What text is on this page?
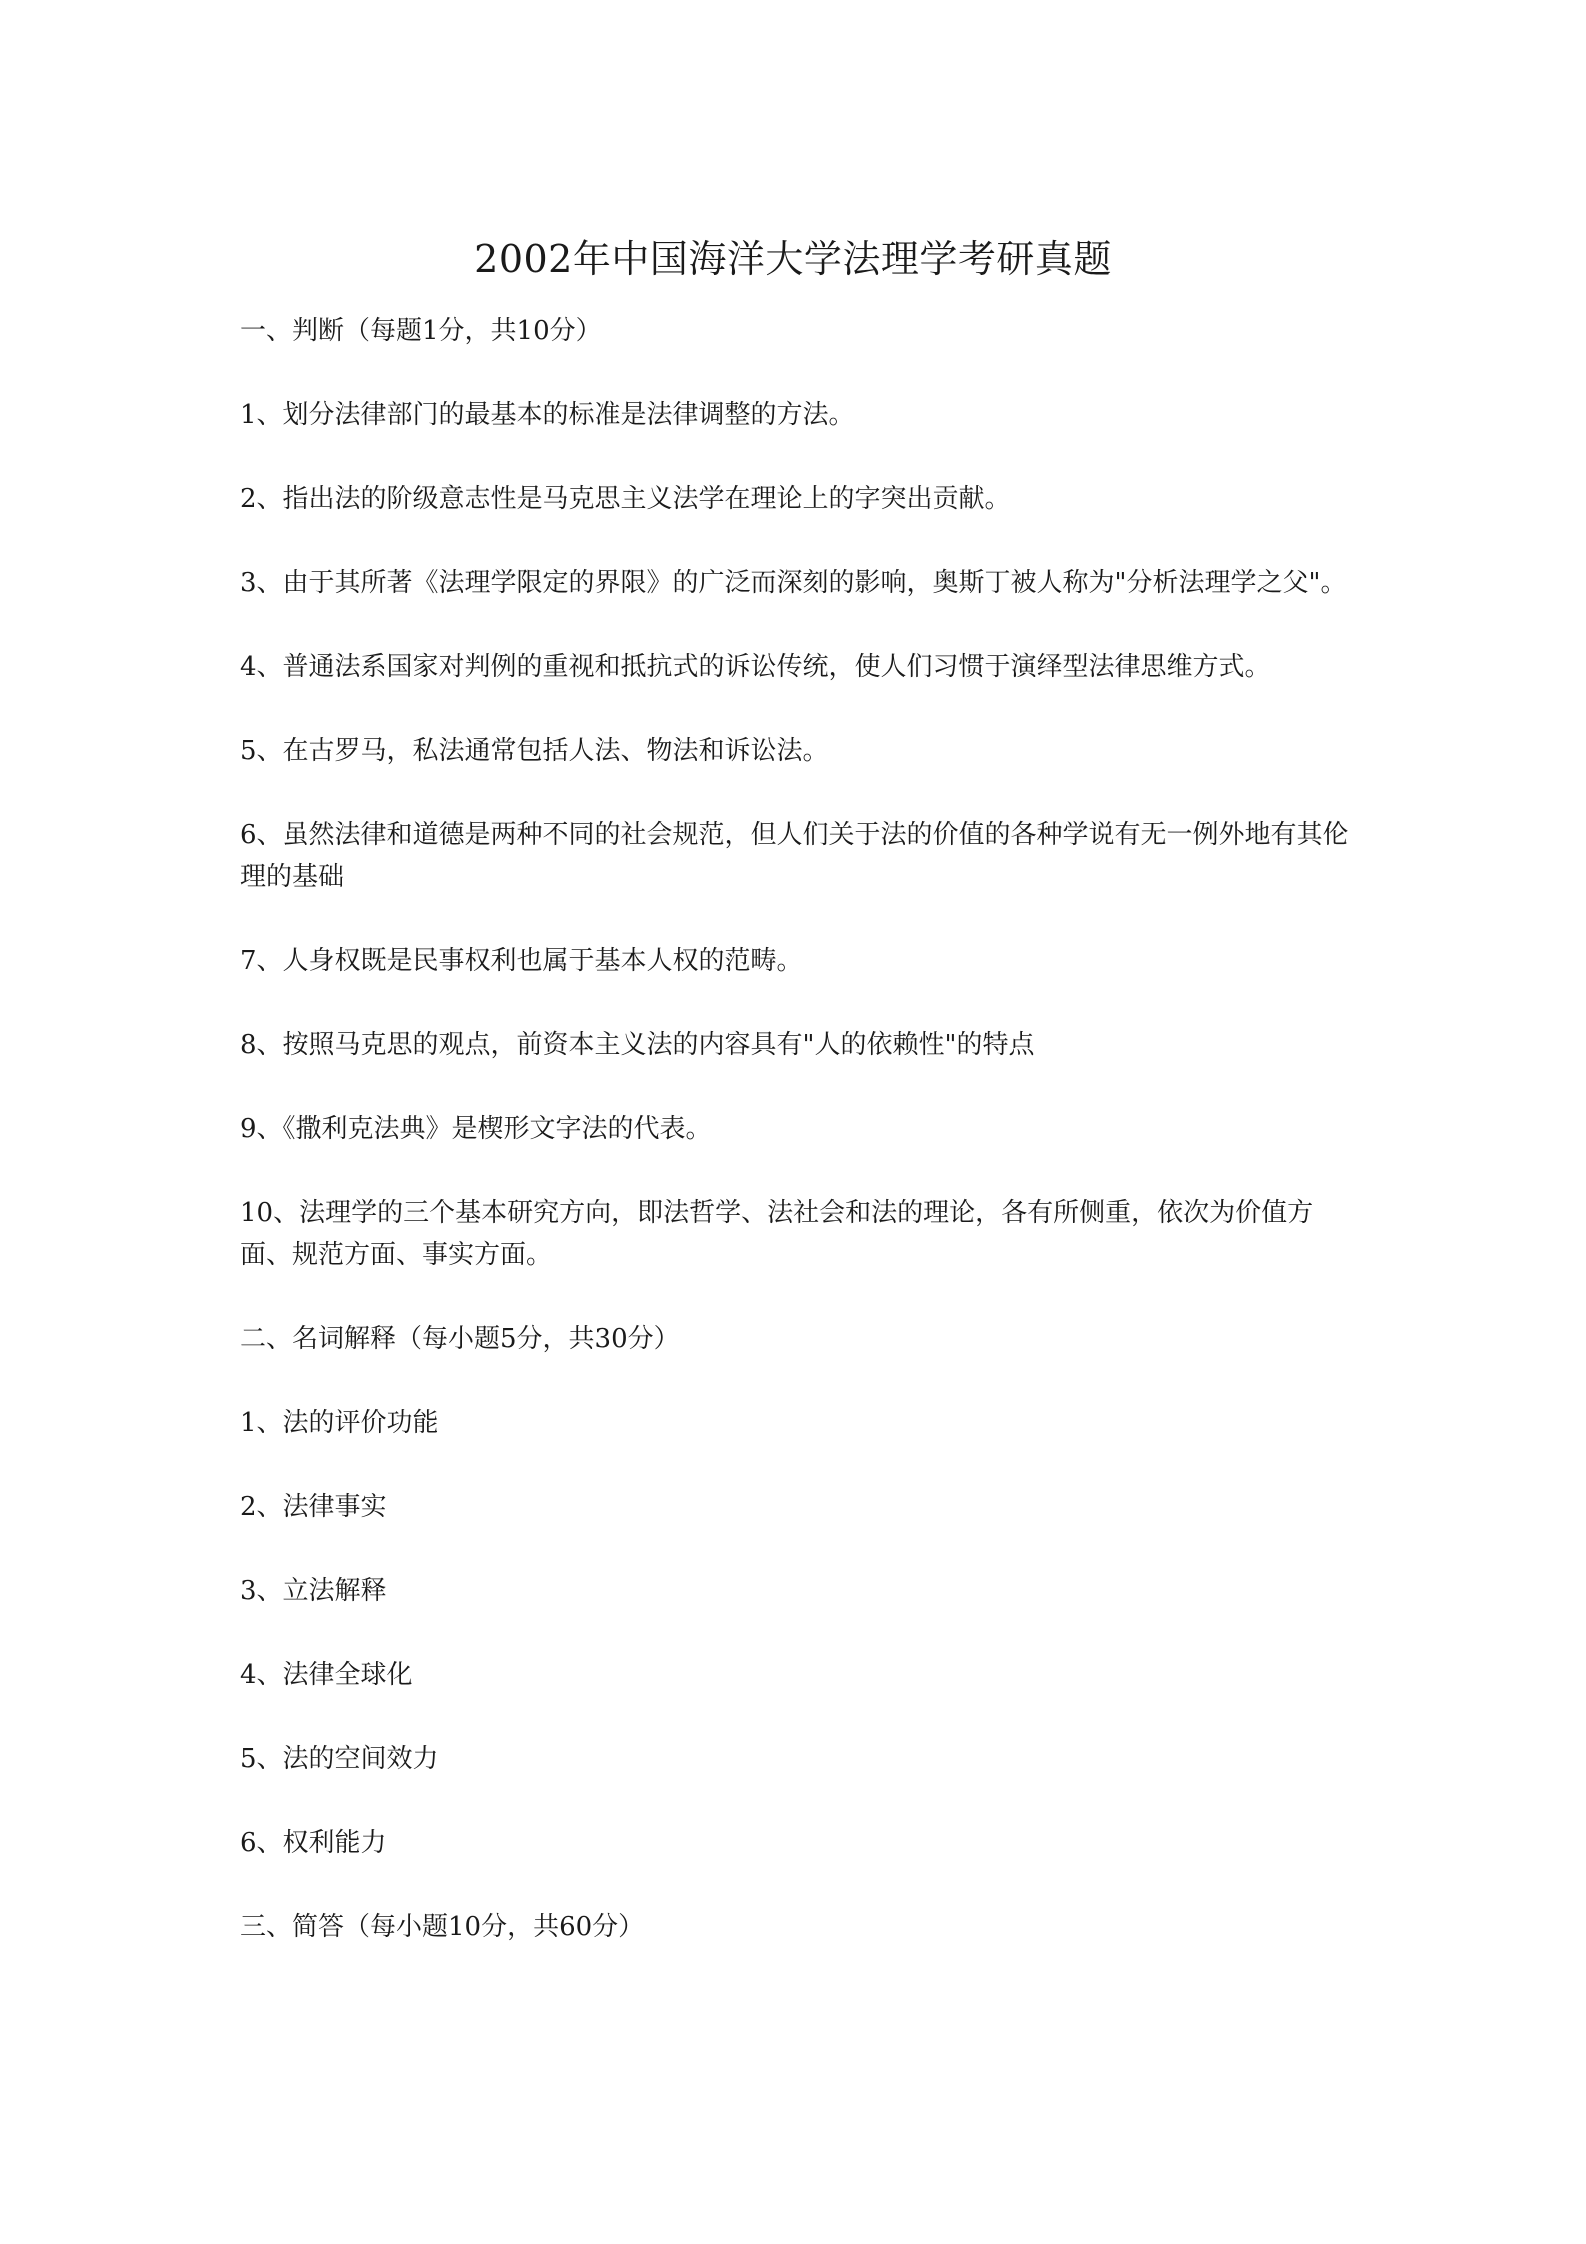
2002年中国海洋大学法理学考研真题
一、判断（每题1分，共10分）
1、划分法律部门的最基本的标准是法律调整的方法。
2、指出法的阶级意志性是马克思主义法学在理论上的字突出贡献。
3、由于其所著《法理学限定的界限》的广泛而深刻的影响，奥斯丁被人称为"分析法理学之父"。
4、普通法系国家对判例的重视和抵抗式的诉讼传统，使人们习惯于演绎型法律思维方式。
5、在古罗马，私法通常包括人法、物法和诉讼法。
6、虽然法律和道德是两种不同的社会规范，但人们关于法的价值的各种学说有无一例外地有其伦理的基础
7、人身权既是民事权利也属于基本人权的范畴。
8、按照马克思的观点，前资本主义法的内容具有"人的依赖性"的特点
9、《撒利克法典》是楔形文字法的代表。
10、法理学的三个基本研究方向，即法哲学、法社会和法的理论，各有所侧重，依次为价值方面、规范方面、事实方面。
二、名词解释（每小题5分，共30分）
1、法的评价功能
2、法律事实
3、立法解释
4、法律全球化
5、法的空间效力
6、权利能力
三、简答（每小题10分，共60分）
